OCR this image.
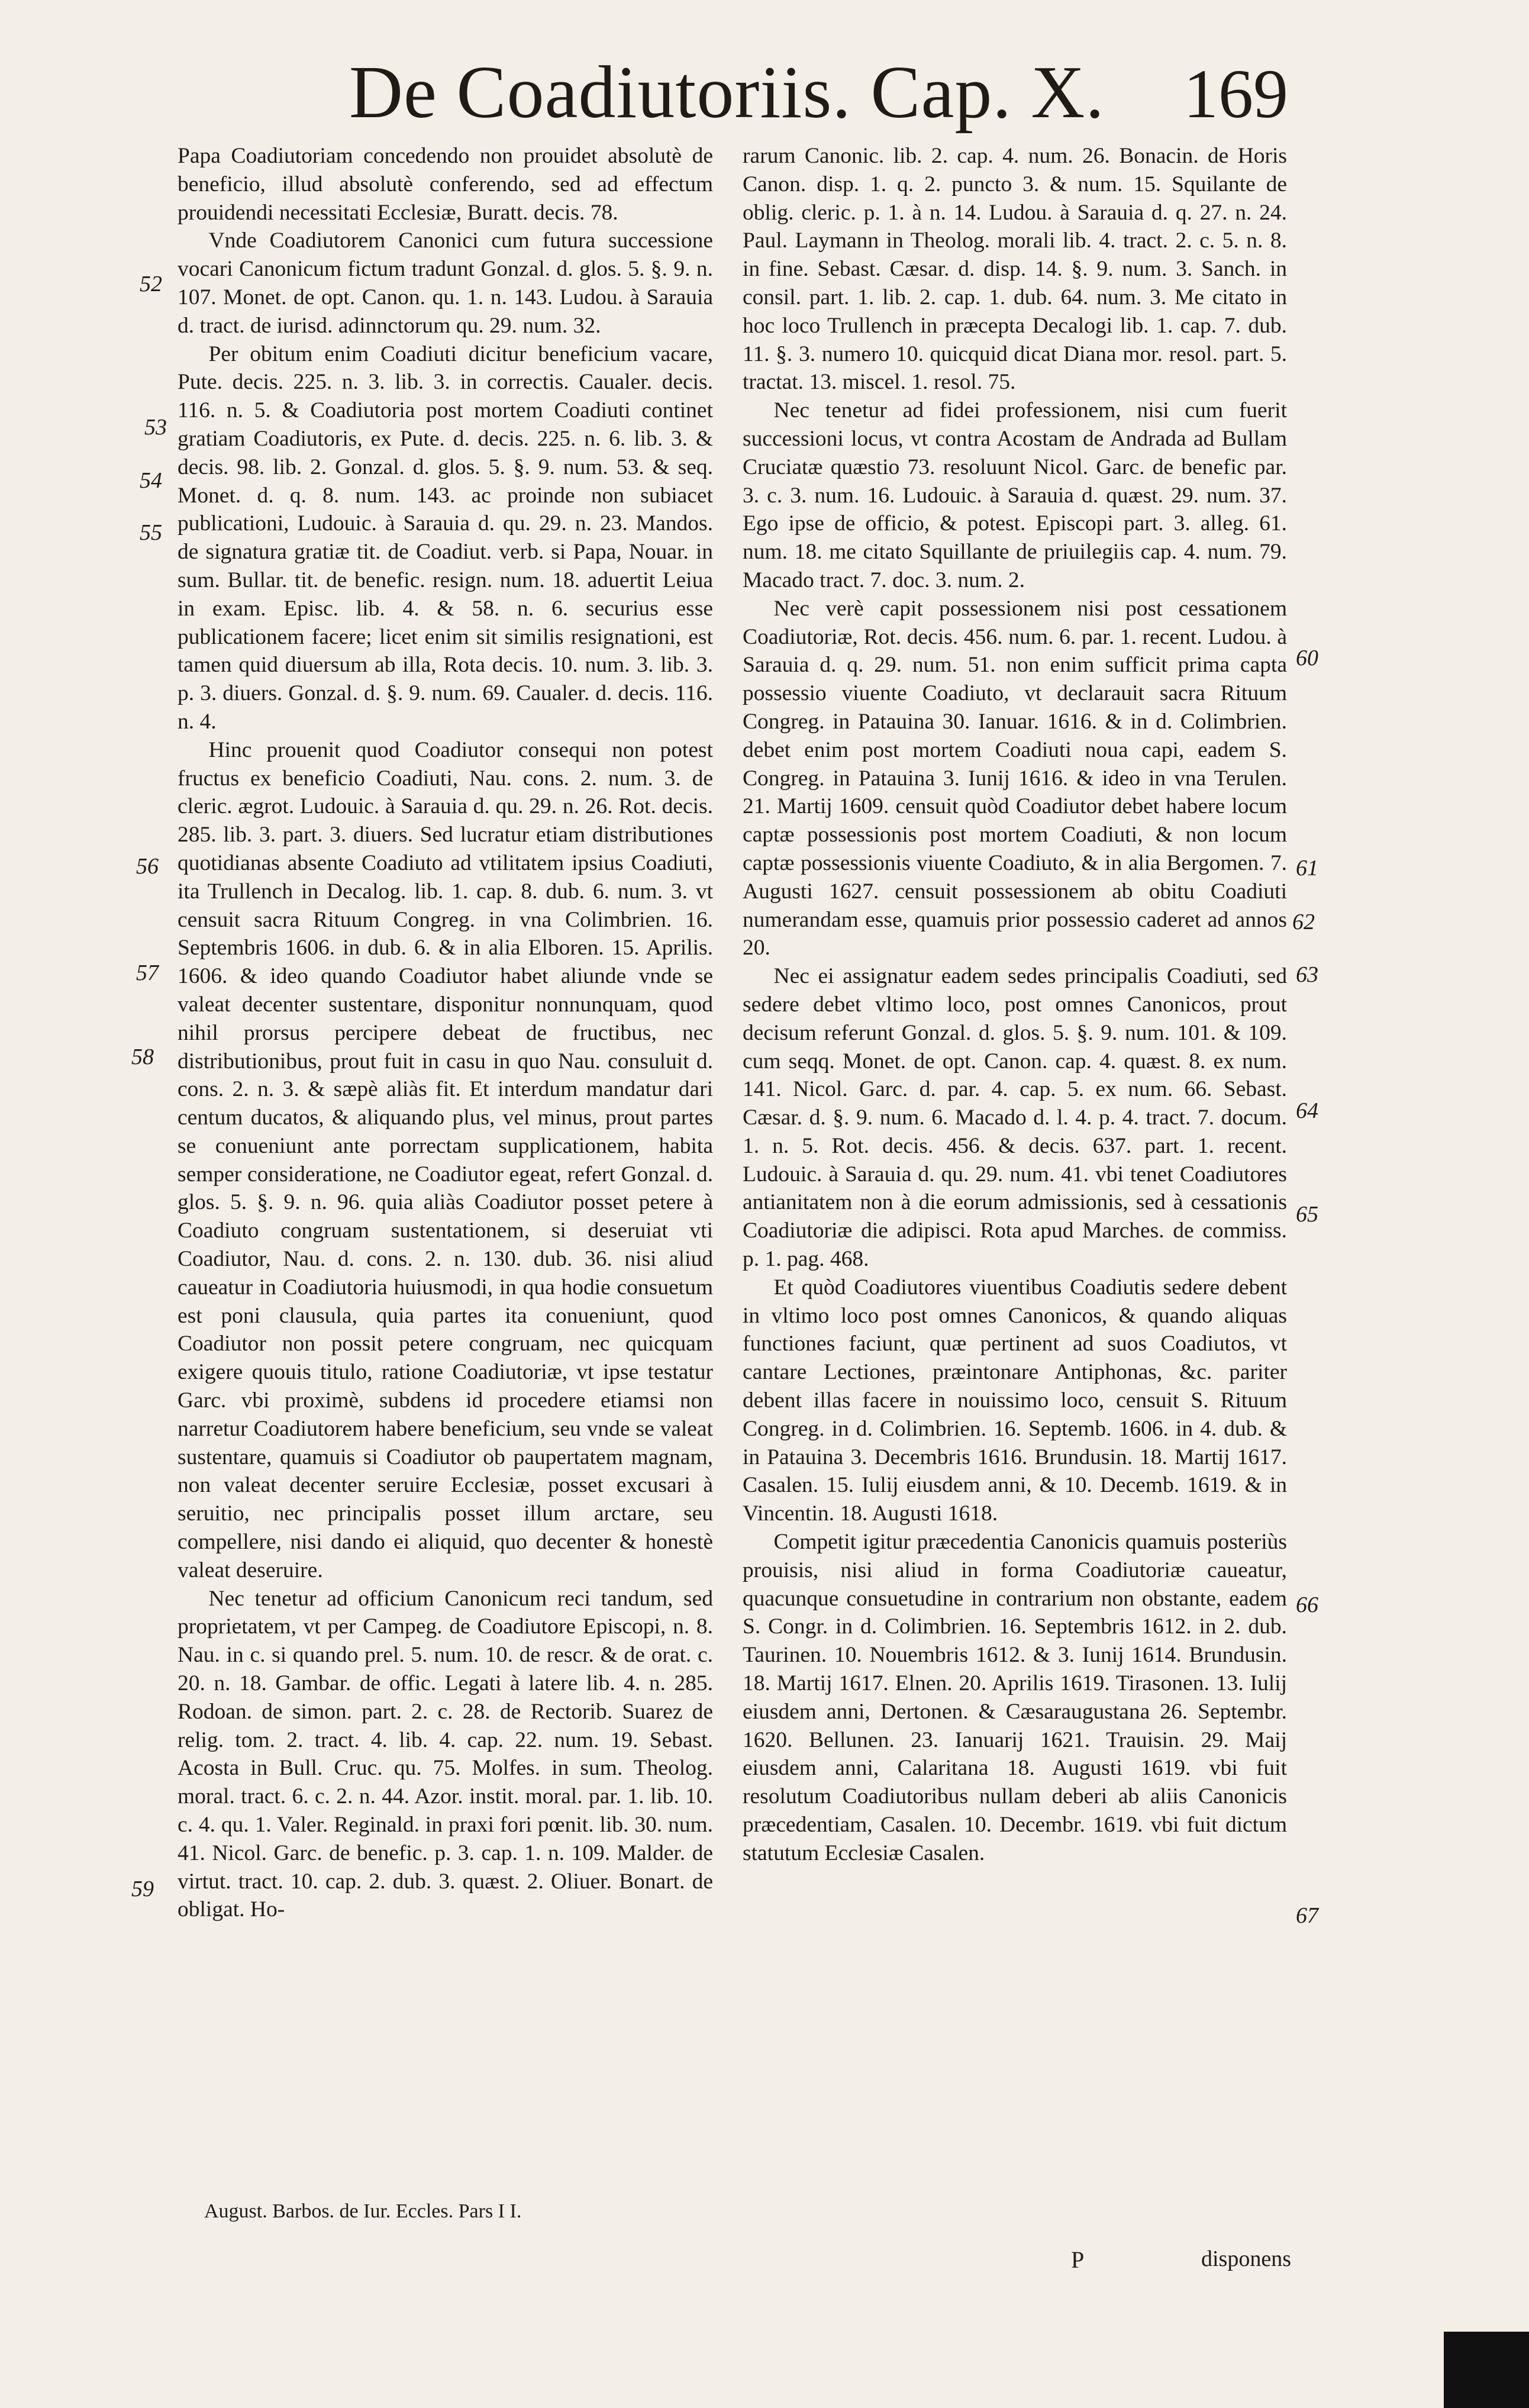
De Coadiutoriis. Cap. X. 169
52
53
54
55
56
57
58
59

Papa Coadiutoriam concedendo non prouidet absolutè de beneficio, illud absolutè conferendo, sed ad effectum prouidendi necessitati Ecclesiæ, Buratt. decis. 78.

Vnde Coadiutorem Canonici cum futura successione vocari Canonicum fictum tradunt Gonzal. d. glos. 5. §. 9. n. 107. Monet. de opt. Canon. qu. 1. n. 143. Ludou. à Sarauia d. tract. de iurisd. adinnctorum qu. 29. num. 32.

Per obitum enim Coadiuti dicitur beneficium vacare, Pute. decis. 225. n. 3. lib. 3. in correctis. Caualer. decis. 116. n. 5. & Coadiutoria post mortem Coadiuti continet gratiam Coadiutoris, ex Pute. d. decis. 225. n. 6. lib. 3. & decis. 98. lib. 2. Gonzal. d. glos. 5. §. 9. num. 53. & seq. Monet. d. q. 8. num. 143. ac proinde non subiacet publicationi, Ludouic. à Sarauia d. qu. 29. n. 23. Mandos. de signatura gratiæ tit. de Coadiut. verb. si Papa, Nouar. in sum. Bullar. tit. de benefic. resign. num. 18. aduertit Leiua in exam. Episc. lib. 4. & 58. n. 6. securius esse publicationem facere; licet enim sit similis resignationi, est tamen quid diuersum ab illa, Rota decis. 10. num. 3. lib. 3. p. 3. diuers. Gonzal. d. §. 9. num. 69. Caualer. d. decis. 116. n. 4.

Hinc prouenit quod Coadiutor consequi non potest fructus ex beneficio Coadiuti, Nau. cons. 2. num. 3. de cleric. ægrot. Ludouic. à Sarauia d. qu. 29. n. 26. Rot. decis. 285. lib. 3. part. 3. diuers. Sed lucratur etiam distributiones quotidianas absente Coadiuto ad vtilitatem ipsius Coadiuti, ita Trullench in Decalog. lib. 1. cap. 8. dub. 6. num. 3. vt censuit sacra Rituum Congreg. in vna Colimbrien. 16. Septembris 1606. in dub. 6. & in alia Elboren. 15. Aprilis. 1606. & ideo quando Coadiutor habet aliunde vnde se valeat decenter sustentare, disponitur nonnunquam, quod nihil prorsus percipere debeat de fructibus, nec distributionibus, prout fuit in casu in quo Nau. consuluit d. cons. 2. n. 3. & sæpè aliàs fit. Et interdum mandatur dari centum ducatos, & aliquando plus, vel minus, prout partes se conueniunt ante porrectam supplicationem, habita semper consideratione, ne Coadiutor egeat, refert Gonzal. d. glos. 5. §. 9. n. 96. quia aliàs Coadiutor posset petere à Coadiuto congruam sustentationem, si deseruiat vti Coadiutor, Nau. d. cons. 2. n. 130. dub. 36. nisi aliud caueatur in Coadiutoria huiusmodi, in qua hodie consuetum est poni clausula, quia partes ita conueniunt, quod Coadiutor non possit petere congruam, nec quicquam exigere quouis titulo, ratione Coadiutoriæ, vt ipse testatur Garc. vbi proximè, subdens id procedere etiamsi non narretur Coadiutorem habere beneficium, seu vnde se valeat sustentare, quamuis si Coadiutor ob paupertatem magnam, non valeat decenter seruire Ecclesiæ, posset excusari à seruitio, nec principalis posset illum arctare, seu compellere, nisi dando ei aliquid, quo decenter & honestè valeat deseruire.

Nec tenetur ad officium Canonicum reci tandum, sed proprietatem, vt per Campeg. de Coadiutore Episcopi, n. 8. Nau. in c. si quando prel. 5. num. 10. de rescr. & de orat. c. 20. n. 18. Gambar. de offic. Legati à latere lib. 4. n. 285. Rodoan. de simon. part. 2. c. 28. de Rectorib. Suarez de relig. tom. 2. tract. 4. lib. 4. cap. 22. num. 19. Sebast. Acosta in Bull. Cruc. qu. 75. Molfes. in sum. Theolog. moral. tract. 6. c. 2. n. 44. Azor. instit. moral. par. 1. lib. 10. c. 4. qu. 1. Valer. Reginald. in praxi fori pœnit. lib. 30. num. 41. Nicol. Garc. de benefic. p. 3. cap. 1. n. 109. Malder. de virtut. tract. 10. cap. 2. dub. 3. quæst. 2. Oliuer. Bonart. de obligat. Ho-

August. Barbos. de Iur. Eccles. Pars I I.

rarum Canonic. lib. 2. cap. 4. num. 26. Bonacin. de Horis Canon. disp. 1. q. 2. puncto 3. & num. 15. Squilante de oblig. cleric. p. 1. à n. 14. Ludou. à Sarauia d. q. 27. n. 24. Paul. Laymann in Theolog. morali lib. 4. tract. 2. c. 5. n. 8. in fine. Sebast. Cæsar. d. disp. 14. §. 9. num. 3. Sanch. in consil. part. 1. lib. 2. cap. 1. dub. 64. num. 3. Me citato in hoc loco Trullench in præcepta Decalogi lib. 1. cap. 7. dub. 11. §. 3. numero 10. quicquid dicat Diana mor. resol. part. 5. tractat. 13. miscel. 1. resol. 75.

Nec tenetur ad fidei professionem, nisi cum fuerit successioni locus, vt contra Acostam de Andrada ad Bullam Cruciatæ quæstio 73. resoluunt Nicol. Garc. de benefic par. 3. c. 3. num. 16. Ludouic. à Sarauia d. quæst. 29. num. 37. Ego ipse de officio, & potest. Episcopi part. 3. alleg. 61. num. 18. me citato Squillante de priuilegiis cap. 4. num. 79. Macado tract. 7. doc. 3. num. 2.

Nec verè capit possessionem nisi post cessationem Coadiutoriæ, Rot. decis. 456. num. 6. par. 1. recent. Ludou. à Sarauia d. q. 29. num. 51. non enim sufficit prima capta possessio viuente Coadiuto, vt declarauit sacra Rituum Congreg. in Patauina 30. Ianuar. 1616. & in d. Colimbrien. debet enim post mortem Coadiuti noua capi, eadem S. Congreg. in Patauina 3. Iunij 1616. & ideo in vna Terulen. 21. Martij 1609. censuit quòd Coadiutor debet habere locum captæ possessionis post mortem Coadiuti, & non locum captæ possessionis viuente Coadiuto, & in alia Bergomen. 7. Augusti 1627. censuit possessionem ab obitu Coadiuti numerandam esse, quamuis prior possessio caderet ad annos 20.

Nec ei assignatur eadem sedes principalis Coadiuti, sed sedere debet vltimo loco, post omnes Canonicos, prout decisum referunt Gonzal. d. glos. 5. §. 9. num. 101. & 109. cum seqq. Monet. de opt. Canon. cap. 4. quæst. 8. ex num. 141. Nicol. Garc. d. par. 4. cap. 5. ex num. 66. Sebast. Cæsar. d. §. 9. num. 6. Macado d. l. 4. p. 4. tract. 7. docum. 1. n. 5. Rot. decis. 456. & decis. 637. part. 1. recent. Ludouic. à Sarauia d. qu. 29. num. 41. vbi tenet Coadiutores antianitatem non à die eorum admissionis, sed à cessationis Coadiutoriæ die adipisci. Rota apud Marches. de commiss. p. 1. pag. 468.

Et quòd Coadiutores viuentibus Coadiutis sedere debent in vltimo loco post omnes Canonicos, & quando aliquas functiones faciunt, quæ pertinent ad suos Coadiutos, vt cantare Lectiones, præintonare Antiphonas, &c. pariter debent illas facere in nouissimo loco, censuit S. Rituum Congreg. in d. Colimbrien. 16. Septemb. 1606. in 4. dub. & in Patauina 3. Decembris 1616. Brundusin. 18. Martij 1617. Casalen. 15. Iulij eiusdem anni, & 10. Decemb. 1619. & in Vincentin. 18. Augusti 1618.

Competit igitur præcedentia Canonicis quamuis posteriùs prouisis, nisi aliud in forma Coadiutoriæ caueatur, quacunque consuetudine in contrarium non obstante, eadem S. Congr. in d. Colimbrien. 16. Septembris 1612. in 2. dub. Taurinen. 10. Nouembris 1612. & 3. Iunij 1614. Brundusin. 18. Martij 1617. Elnen. 20. Aprilis 1619. Tirasonen. 13. Iulij eiusdem anni, Dertonen. & Cæsaraugustana 26. Septembr. 1620. Bellunen. 23. Ianuarij 1621. Trauisin. 29. Maij eiusdem anni, Calaritana 18. Augusti 1619. vbi fuit resolutum Coadiutoribus nullam deberi ab aliis Canonicis præcedentiam, Casalen. 10. Decembr. 1619. vbi fuit dictum statutum Ecclesiæ Casalen.

60
61
62
63
64
65
66
67
P	disponens
